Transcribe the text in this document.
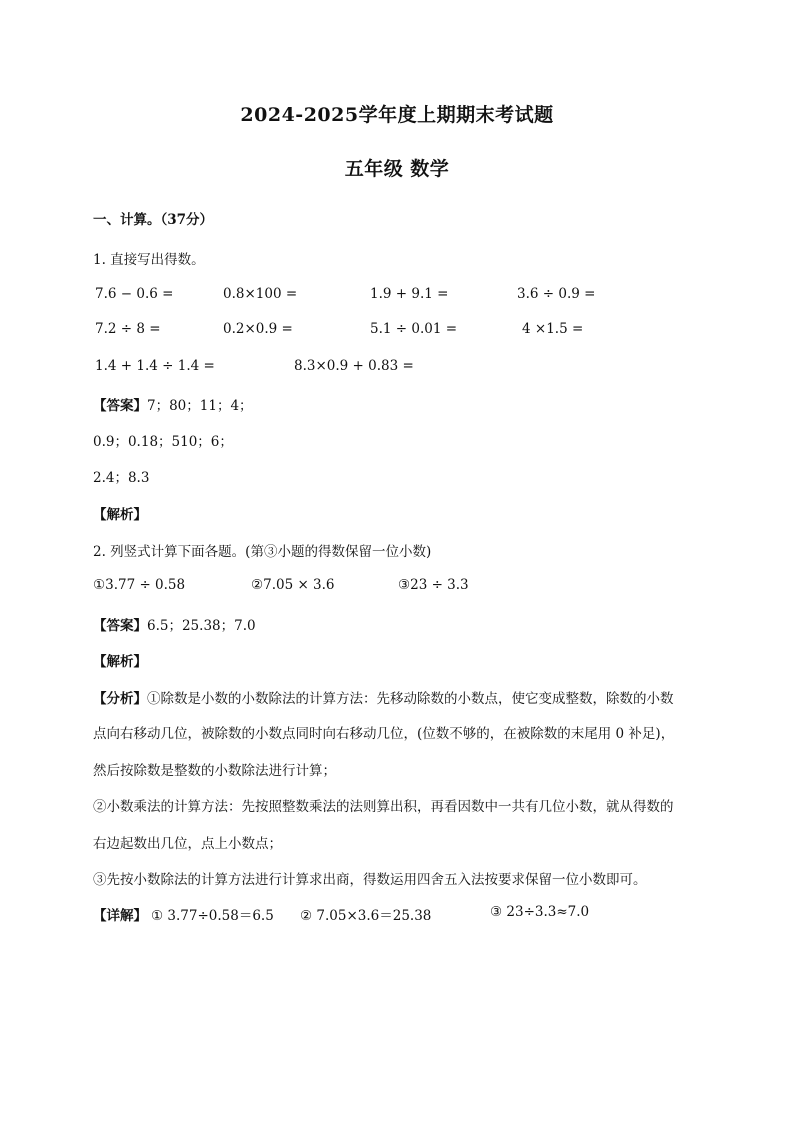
2024-2025学年度上期期末考试题
五年级 数学
一、计算。（37分）
1. 直接写出得数。
7.6 − 0.6 =	0.8×100 =	1.9 + 9.1 =	3.6 ÷ 0.9 =
7.2 ÷ 8 =	0.2×0.9 =	5.1 ÷ 0.01 =	4 ×1.5 =
1.4 + 1.4 ÷ 1.4 =	8.3×0.9 + 0.83 =
【答案】7；80；11；4；
0.9；0.18；510；6；
2.4；8.3
【解析】
2. 列竖式计算下面各题。(第③小题的得数保留一位小数)
①3.77 ÷ 0.58	②7.05 × 3.6	③23 ÷ 3.3
【答案】6.5；25.38；7.0
【解析】
【分析】①除数是小数的小数除法的计算方法：先移动除数的小数点，使它变成整数，除数的小数
点向右移动几位，被除数的小数点同时向右移动几位，(位数不够的，在被除数的末尾用 0 补足)，
然后按除数是整数的小数除法进行计算；
②小数乘法的计算方法：先按照整数乘法的法则算出积，再看因数中一共有几位小数，就从得数的
右边起数出几位，点上小数点；
③先按小数除法的计算方法进行计算求出商，得数运用四舍五入法按要求保留一位小数即可。
【详解】 ① 3.77÷0.58＝6.5 ② 7.05×3.6＝25.38	③ 23÷3.3≈7.0
